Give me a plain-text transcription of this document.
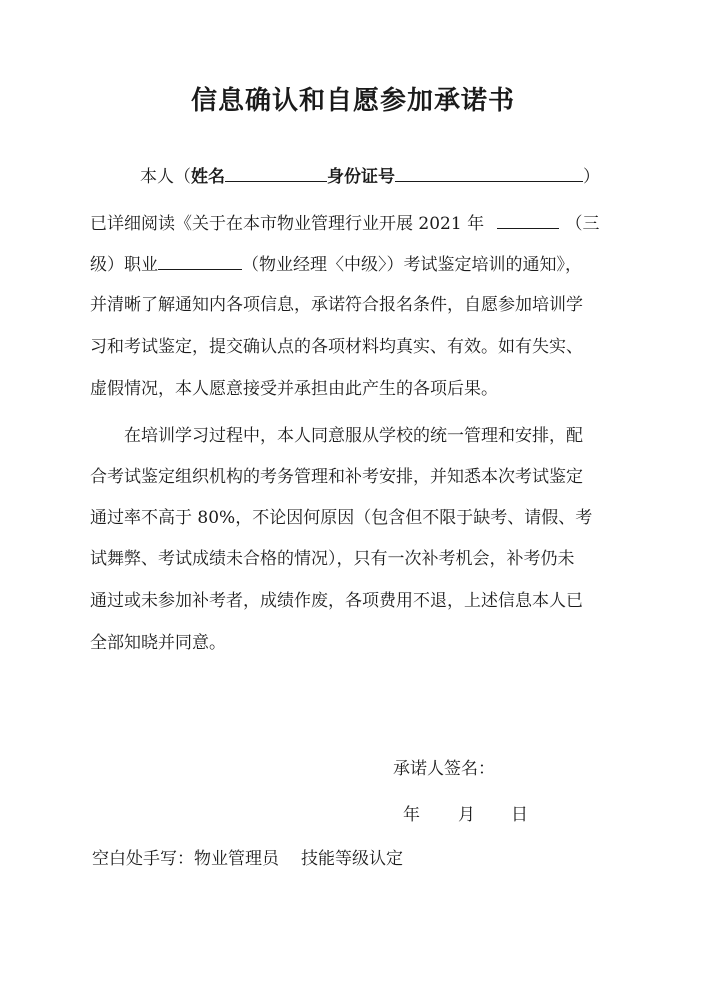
信息确认和自愿参加承诺书
本人（姓名	身份证号	）
已详细阅读《关于在本市物业管理行业开展 2021 年	（三
级）职业	（物业经理〈中级〉）考试鉴定培训的通知》，
并清晰了解通知内各项信息，承诺符合报名条件，自愿参加培训学
习和考试鉴定，提交确认点的各项材料均真实、有效。如有失实、
虚假情况，本人愿意接受并承担由此产生的各项后果。
在培训学习过程中，本人同意服从学校的统一管理和安排，配
合考试鉴定组织机构的考务管理和补考安排，并知悉本次考试鉴定
通过率不高于 80%，不论因何原因（包含但不限于缺考、请假、考
试舞弊、考试成绩未合格的情况），只有一次补考机会，补考仍未
通过或未参加补考者，成绩作废，各项费用不退，上述信息本人已
全部知晓并同意。
承诺人签名：
年 月 日
空白处手写：物业管理员 技能等级认定
